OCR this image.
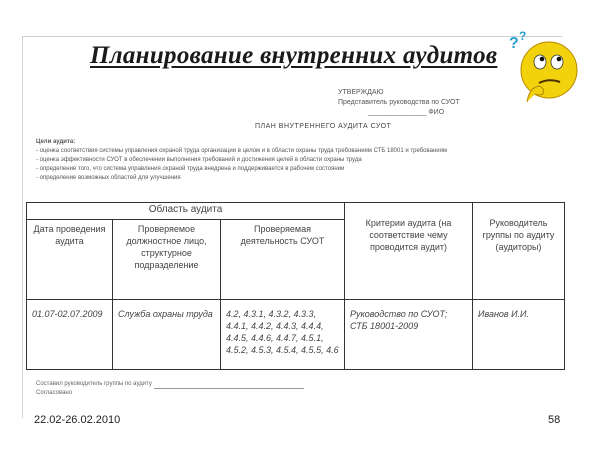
Планирование внутренних аудитов ? ?
УТВЕРЖДАЮ
Представитель руководства по СУОТ
_______________ ФИО
ПЛАН ВНУТРЕННЕГО АУДИТА СУОТ
Цели аудита:
- оценка соответствия системы управления охраной труда организации в целом и в области охраны труда требованиям СТБ 18001 и требованиям
- оценка эффективности СУОТ в обеспечении выполнения требований и достижения целей в области охраны труда
- определение того, что система управления охраной труда внедрена и поддерживается в рабочем состоянии
- определение возможных областей для улучшения
Область аудита			Критерии аудита (на соответствие чему проводится аудит)	Руководитель группы по аудиту (аудиторы)
Дата проведения аудита	Проверяемое должностное лицо, структурное подразделение	Проверяемая деятельность СУОТ		
01.07-02.07.2009	Служба охраны труда	4.2, 4.3.1, 4.3.2, 4.3.3, 4.4.1, 4.4.2, 4.4.3, 4.4.4, 4.4.5, 4.4.6, 4.4.7, 4.5.1, 4.5.2, 4.5.3, 4.5.4, 4.5.5, 4.6	Руководство по СУОТ; СТБ 18001-2009	Иванов И.И.
Составил руководитель группы по аудиту
Согласовано
22.02-26.02.2010	58
